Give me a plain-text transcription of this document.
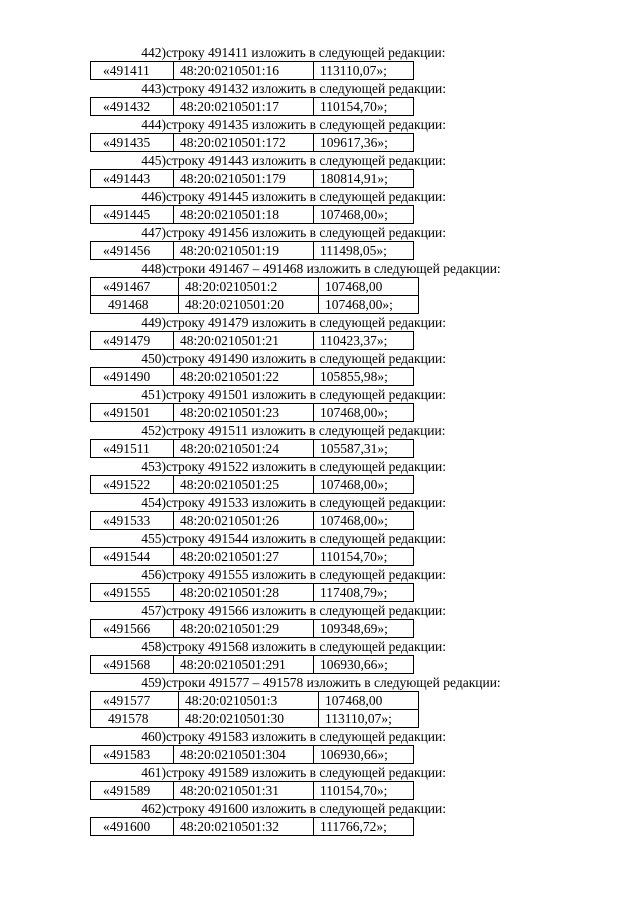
442) строку 491411 изложить в следующей редакции:
«491411	48:20:0210501:16	113110,07»;
443) строку 491432 изложить в следующей редакции:
«491432	48:20:0210501:17	110154,70»;
444) строку 491435 изложить в следующей редакции:
«491435	48:20:0210501:172	109617,36»;
445) строку 491443 изложить в следующей редакции:
«491443	48:20:0210501:179	180814,91»;
446) строку 491445 изложить в следующей редакции:
«491445	48:20:0210501:18	107468,00»;
447) строку 491456 изложить в следующей редакции:
«491456	48:20:0210501:19	111498,05»;
448) строки 491467 – 491468 изложить в следующей редакции:
«491467	48:20:0210501:2	107468,00
491468	48:20:0210501:20	107468,00»;
449) строку 491479 изложить в следующей редакции:
«491479	48:20:0210501:21	110423,37»;
450) строку 491490 изложить в следующей редакции:
«491490	48:20:0210501:22	105855,98»;
451) строку 491501 изложить в следующей редакции:
«491501	48:20:0210501:23	107468,00»;
452) строку 491511 изложить в следующей редакции:
«491511	48:20:0210501:24	105587,31»;
453) строку 491522 изложить в следующей редакции:
«491522	48:20:0210501:25	107468,00»;
454) строку 491533 изложить в следующей редакции:
«491533	48:20:0210501:26	107468,00»;
455) строку 491544 изложить в следующей редакции:
«491544	48:20:0210501:27	110154,70»;
456) строку 491555 изложить в следующей редакции:
«491555	48:20:0210501:28	117408,79»;
457) строку 491566 изложить в следующей редакции:
«491566	48:20:0210501:29	109348,69»;
458) строку 491568 изложить в следующей редакции:
«491568	48:20:0210501:291	106930,66»;
459) строки 491577 – 491578 изложить в следующей редакции:
«491577	48:20:0210501:3	107468,00
491578	48:20:0210501:30	113110,07»;
460) строку 491583 изложить в следующей редакции:
«491583	48:20:0210501:304	106930,66»;
461) строку 491589 изложить в следующей редакции:
«491589	48:20:0210501:31	110154,70»;
462) строку 491600 изложить в следующей редакции:
«491600	48:20:0210501:32	111766,72»;
